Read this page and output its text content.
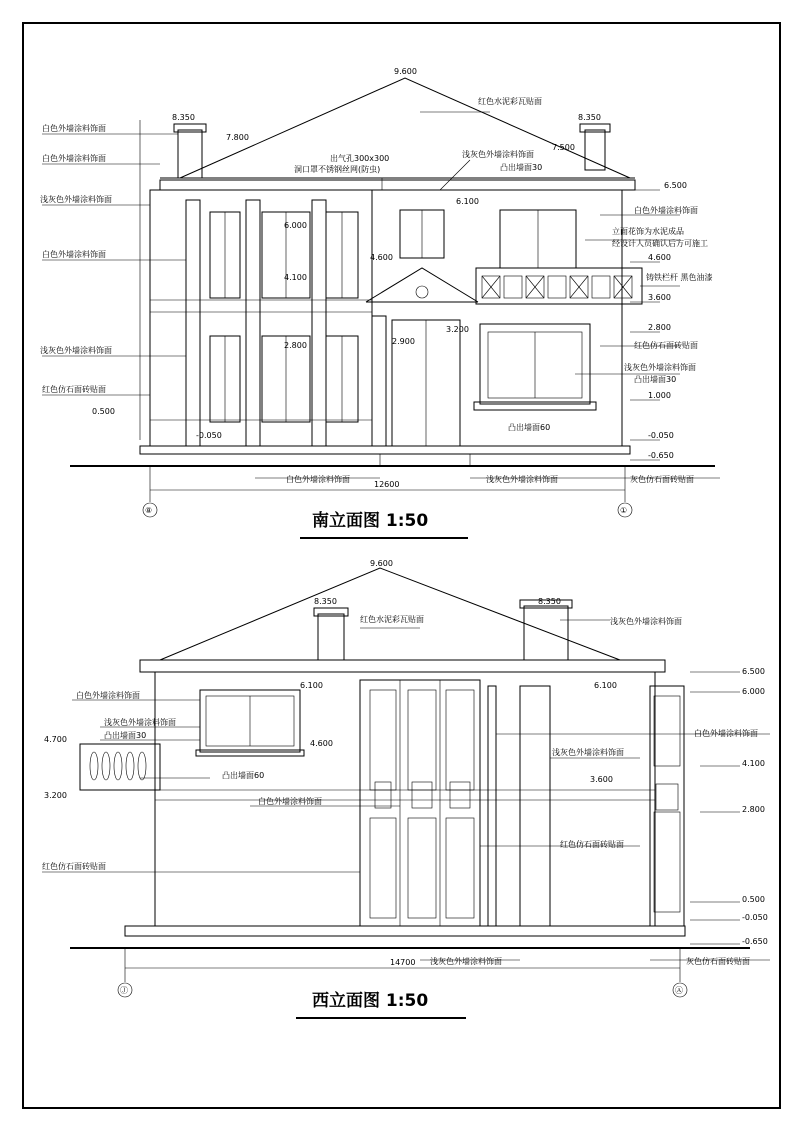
9.600
8.350	8.350
出气孔300x300
洞口罩不锈钢丝网(防虫)
白色外墙涂料饰面
白色外墙涂料饰面
浅灰色外墙涂料饰面
白色外墙涂料饰面
浅灰色外墙涂料饰面
红色仿石面砖贴面
红色水泥彩瓦贴面
浅灰色外墙涂料饰面
凸出墙面30
白色外墙涂料饰面
立面花饰为水泥成品
经设计人员确认后方可施工
铸铁栏杆 黑色油漆
红色仿石面砖贴面
浅灰色外墙涂料饰面
凸出墙面30
凸出墙面60
白色外墙涂料饰面	浅灰色外墙涂料饰面	灰色仿石面砖贴面
6.500
4.600
3.600
2.800
1.000
-0.050
-0.650
7.800
7.500
6.100
6.000
4.600
4.100
2.900
2.800
3.200
0.500
-0.050
12600
⑧	①
南立面图 1:50
9.600
8.350	8.350
白色外墙涂料饰面
浅灰色外墙涂料饰面
凸出墙面30
凸出墙面60
红色仿石面砖贴面
红色水泥彩瓦贴面
白色外墙涂料饰面
浅灰色外墙涂料饰面
红色仿石面砖贴面
浅灰色外墙涂料饰面
白色外墙涂料饰面
浅灰色外墙涂料饰面	灰色仿石面砖贴面
6.500
6.000
4.100
2.800
0.500
-0.050
-0.650
4.700
3.200
6.100	6.100
4.600
3.600
14700
Ⓙ	Ⓐ
西立面图 1:50
